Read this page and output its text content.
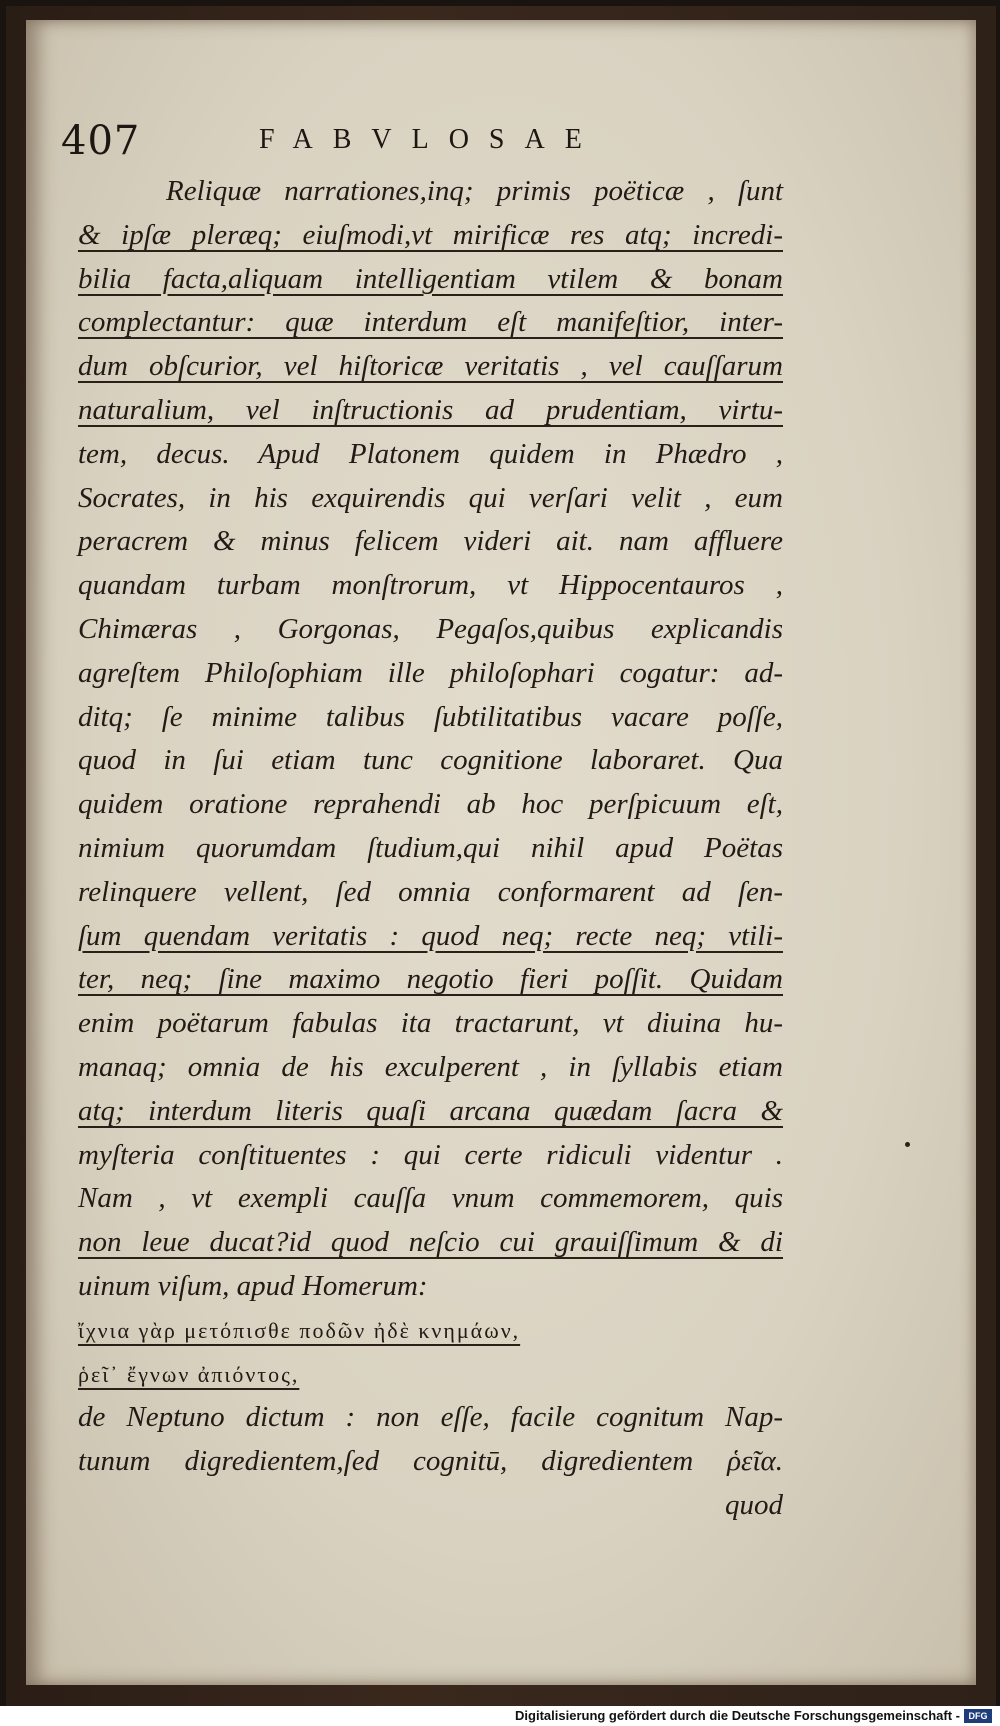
407	FABVLOSAE
Reliquæ narrationes,inq; primis poëticæ , ſunt
& ipſæ pleræq; eiuſmodi,vt mirificæ res atq; incredi-
bilia facta,aliquam intelligentiam vtilem & bonam
complectantur: quæ interdum eſt manifeſtior, inter-
dum obſcurior, vel hiſtoricæ veritatis , vel cauſſarum
naturalium, vel inſtructionis ad prudentiam, virtu-
tem, decus. Apud Platonem quidem in Phædro ,
Socrates, in his exquirendis qui verſari velit , eum
peracrem & minus felicem videri ait. nam affluere
quandam turbam monſtrorum, vt Hippocentauros ,
Chimæras , Gorgonas, Pegaſos,quibus explicandis
agreſtem Philoſophiam ille philoſophari cogatur: ad-
ditq; ſe minime talibus ſubtilitatibus vacare poſſe,
quod in ſui etiam tunc cognitione laboraret. Qua
quidem oratione reprahendi ab hoc perſpicuum eſt,
nimium quorumdam ſtudium,qui nihil apud Poëtas
relinquere vellent, ſed omnia conformarent ad ſen-
ſum quendam veritatis : quod neq; recte neq; vtili-
ter, neq; ſine maximo negotio fieri poſſit. Quidam
enim poëtarum fabulas ita tractarunt, vt diuina hu-
manaq; omnia de his exculperent , in ſyllabis etiam
atq; interdum literis quaſi arcana quædam ſacra &
myſteria conſtituentes : qui certe ridiculi videntur .
Nam , vt exempli cauſſa vnum commemorem, quis
non leue ducat?id quod neſcio cui grauiſſimum & di
uinum viſum, apud Homerum:
ἴχνια γὰρ μετόπισθε ποδῶν ἠδὲ κνημάων,
ῥεῖ᾽ ἔγνων ἀπιόντος,
de Neptuno dictum : non eſſe, facile cognitum Nap-
tunum digredientem,ſed cognitū, digredientem ῥεῖα.
quod
Digitalisierung gefördert durch die Deutsche Forschungsgemeinschaft - DFG
